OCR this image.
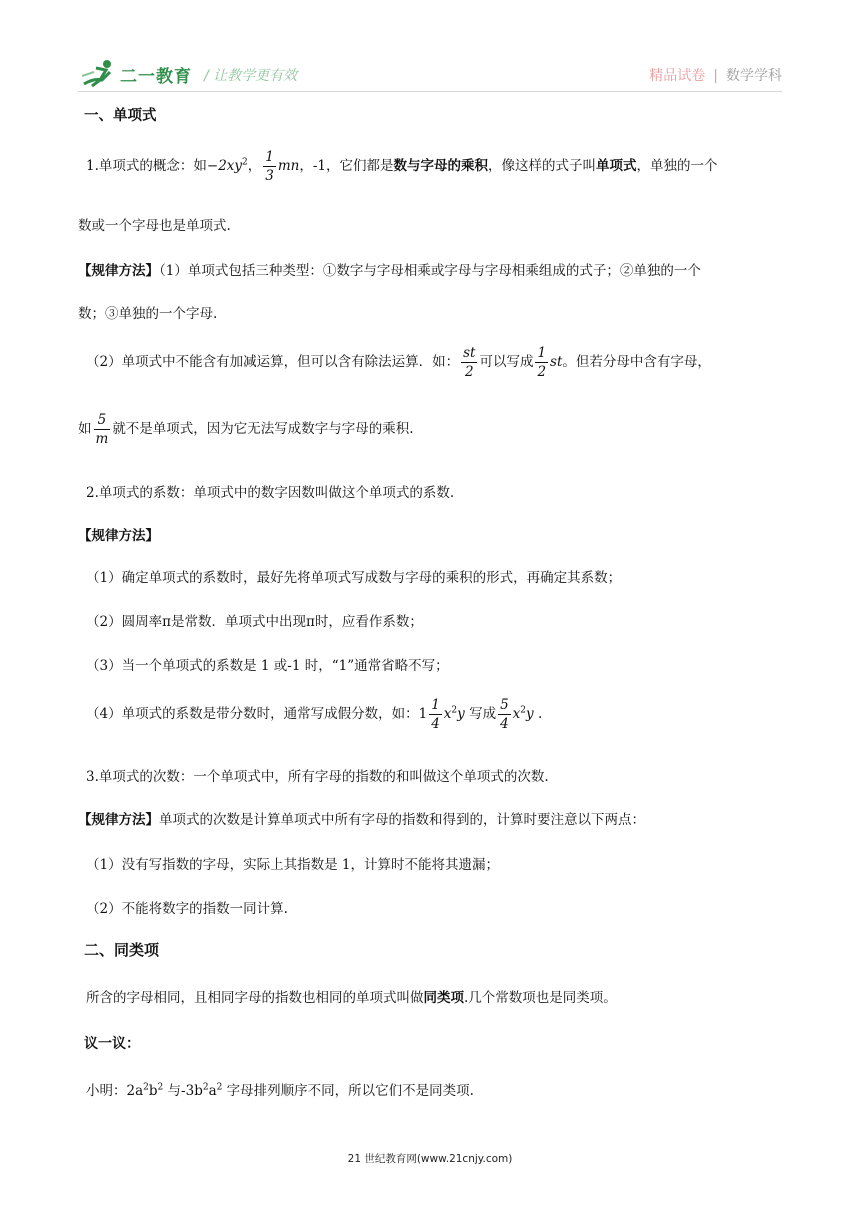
二一教育 / 让教学更有效	精品试卷 | 数学学科
一、单项式
1.单项式的概念：如$-2xy^2$， $\frac{1}{3}$ mn，-1，它们都是数与字母的乘积，像这样的式子叫单项式，单独的一个
数或一个字母也是单项式.
【规律方法】（1）单项式包括三种类型：①数字与字母相乘或字母与字母相乘组成的式子；②单独的一个
数；③单独的一个字母.
（2）单项式中不能含有加减运算，但可以含有除法运算．如： $\frac{st}{2}$ 可以写成 $\frac{1}{2}$ st。但若分母中含有字母，
如 $\frac{5}{m}$ 就不是单项式，因为它无法写成数字与字母的乘积.
2.单项式的系数：单项式中的数字因数叫做这个单项式的系数.
【规律方法】
（1）确定单项式的系数时，最好先将单项式写成数与字母的乘积的形式，再确定其系数；
（2）圆周率π是常数．单项式中出现π时，应看作系数；
（3）当一个单项式的系数是 1 或-1 时，“1”通常省略不写；
（4）单项式的系数是带分数时，通常写成假分数，如：$1 \frac{1}{4} x^2y$ 写成 $\frac{5}{4} x^2y$ .
3.单项式的次数：一个单项式中，所有字母的指数的和叫做这个单项式的次数.
【规律方法】单项式的次数是计算单项式中所有字母的指数和得到的，计算时要注意以下两点：
（1）没有写指数的字母，实际上其指数是 1，计算时不能将其遗漏；
（2）不能将数字的指数一同计算.
二、同类项
所含的字母相同，且相同字母的指数也相同的单项式叫做同类项.几个常数项也是同类项。
议一议：
小明：$2a^2b^2$ 与$-3b^2a^2$ 字母排列顺序不同，所以它们不是同类项.
21 世纪教育网(www.21cnjy.com)
